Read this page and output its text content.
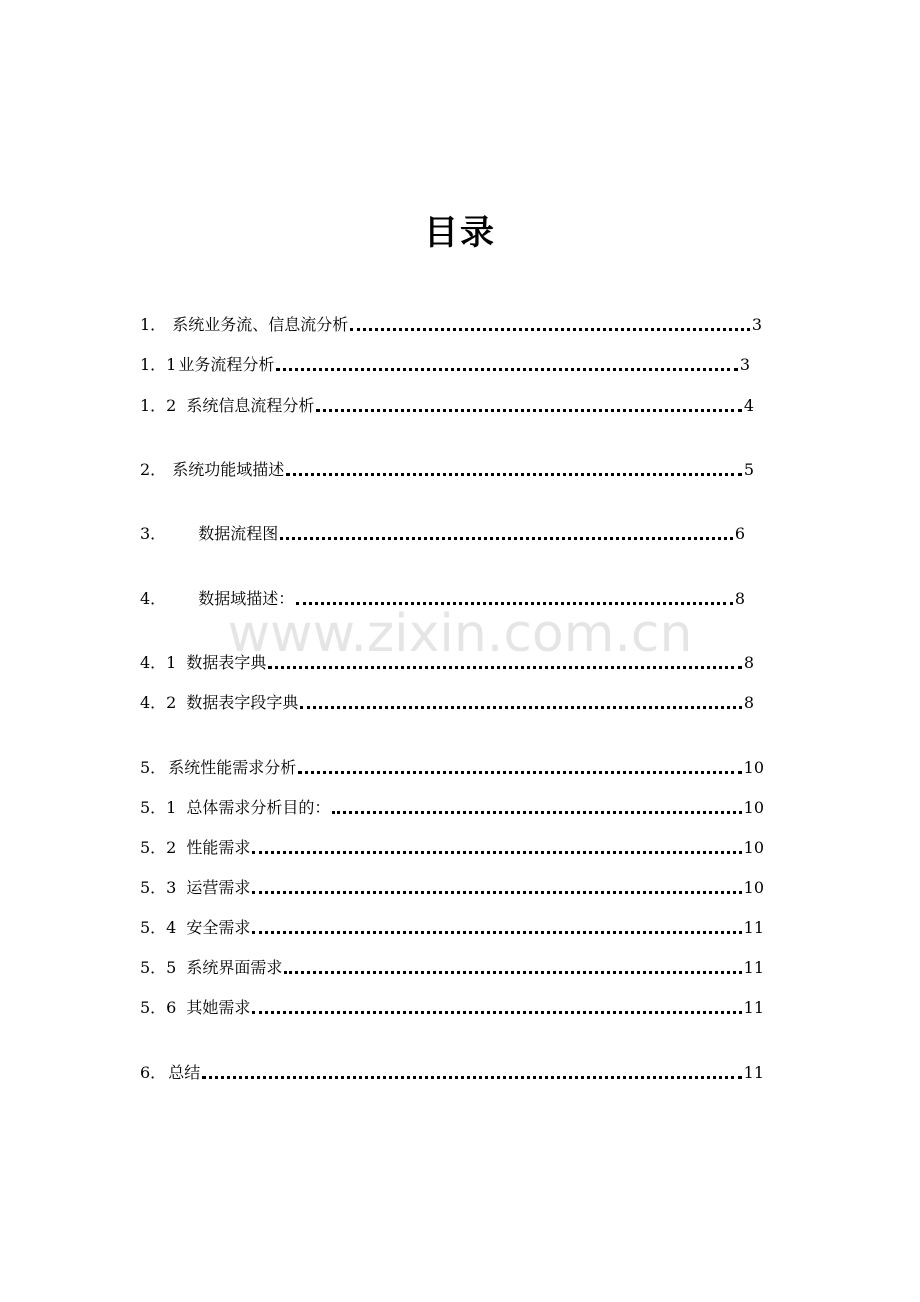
目录
www.zixin.com.cn
1． 系统业务流、信息流分析	3
1．1 业务流程分析	3
1．2 系统信息流程分析	4
2． 系统功能域描述	5
3． 数据流程图	6
4． 数据域描述：	8
4．1 数据表字典	8
4．2 数据表字段字典	8
5． 系统性能需求分析	10
5．1 总体需求分析目的：	10
5．2 性能需求	10
5．3 运营需求	10
5．4 安全需求	11
5．5 系统界面需求	11
5．6 其她需求	11
6． 总结	11
